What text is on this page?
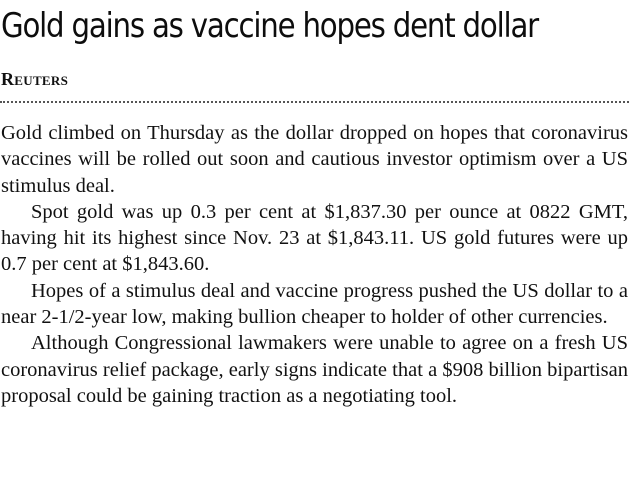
Gold gains as vaccine hopes dent dollar
Reuters

Gold climbed on Thursday as the dollar dropped on hopes that coronavirus vaccines will be rolled out soon and cautious investor optimism over a US stimulus deal.

Spot gold was up 0.3 per cent at $1,837.30 per ounce at 0822 GMT, having hit its highest since Nov. 23 at $1,843.11. US gold futures were up 0.7 per cent at $1,843.60.

Hopes of a stimulus deal and vaccine progress pushed the US dollar to a near 2-1/2-year low, making bullion cheaper to holder of other currencies.

Although Congressional lawmakers were unable to agree on a fresh US coronavirus relief package, early signs indicate that a $908 billion bipartisan proposal could be gaining traction as a negotiating tool.
